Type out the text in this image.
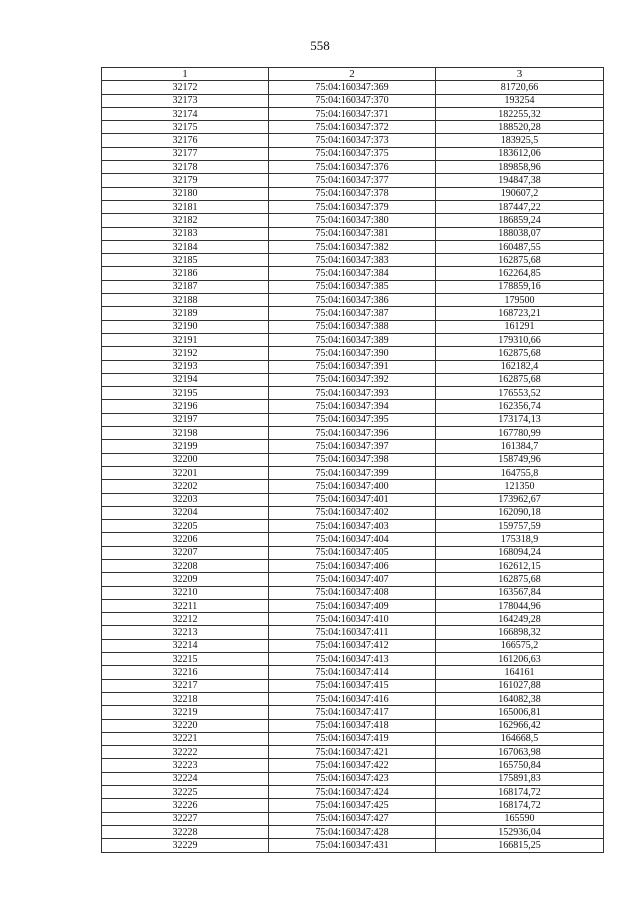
558
1	2	3
32172	75:04:160347:369	81720,66
32173	75:04:160347:370	193254
32174	75:04:160347:371	182255,32
32175	75:04:160347:372	188520,28
32176	75:04:160347:373	183925,5
32177	75:04:160347:375	183612,06
32178	75:04:160347:376	189858,96
32179	75:04:160347:377	194847,38
32180	75:04:160347:378	190607,2
32181	75:04:160347:379	187447,22
32182	75:04:160347:380	186859,24
32183	75:04:160347:381	188038,07
32184	75:04:160347:382	160487,55
32185	75:04:160347:383	162875,68
32186	75:04:160347:384	162264,85
32187	75:04:160347:385	178859,16
32188	75:04:160347:386	179500
32189	75:04:160347:387	168723,21
32190	75:04:160347:388	161291
32191	75:04:160347:389	179310,66
32192	75:04:160347:390	162875,68
32193	75:04:160347:391	162182,4
32194	75:04:160347:392	162875,68
32195	75:04:160347:393	176553,52
32196	75:04:160347:394	162356,74
32197	75:04:160347:395	173174,13
32198	75:04:160347:396	167780,99
32199	75:04:160347:397	161384,7
32200	75:04:160347:398	158749,96
32201	75:04:160347:399	164755,8
32202	75:04:160347:400	121350
32203	75:04:160347:401	173962,67
32204	75:04:160347:402	162090,18
32205	75:04:160347:403	159757,59
32206	75:04:160347:404	175318,9
32207	75:04:160347:405	168094,24
32208	75:04:160347:406	162612,15
32209	75:04:160347:407	162875,68
32210	75:04:160347:408	163567,84
32211	75:04:160347:409	178044,96
32212	75:04:160347:410	164249,28
32213	75:04:160347:411	166898,32
32214	75:04:160347:412	166575,2
32215	75:04:160347:413	161206,63
32216	75:04:160347:414	164161
32217	75:04:160347:415	161027,88
32218	75:04:160347:416	164082,38
32219	75:04:160347:417	165006,81
32220	75:04:160347:418	162966,42
32221	75:04:160347:419	164668,5
32222	75:04:160347:421	167063,98
32223	75:04:160347:422	165750,84
32224	75:04:160347:423	175891,83
32225	75:04:160347:424	168174,72
32226	75:04:160347:425	168174,72
32227	75:04:160347:427	165590
32228	75:04:160347:428	152936,04
32229	75:04:160347:431	166815,25
